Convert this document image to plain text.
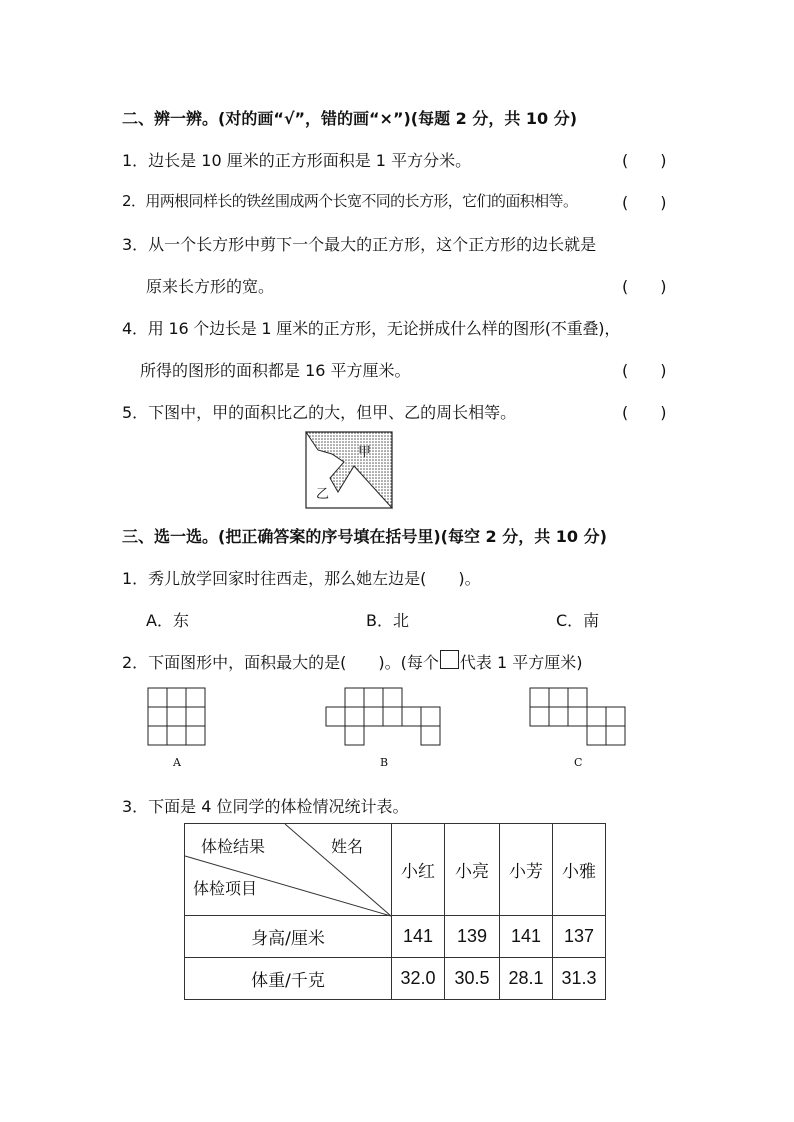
二、辨一辨。(对的画“√”，错的画“×”)(每题 2 分，共 10 分)
1．边长是 10 厘米的正方形面积是 1 平方分米。	(　　)
2．用两根同样长的铁丝围成两个长宽不同的长方形，它们的面积相等。	(　　)
3．从一个长方形中剪下一个最大的正方形，这个正方形的边长就是
原来长方形的宽。	(　　)
4．用 16 个边长是 1 厘米的正方形，无论拼成什么样的图形(不重叠)，
所得的图形的面积都是 16 平方厘米。	(　　)
5．下图中，甲的面积比乙的大，但甲、乙的周长相等。	(　　)
甲
乙
三、选一选。(把正确答案的序号填在括号里)(每空 2 分，共 10 分)
1．秀儿放学回家时往西走，那么她左边是(　　)。
A．东	B．北	C．南
2．下面图形中，面积最大的是(　　)。(每个 代表 1 平方厘米)
A	B	C
3．下面是 4 位同学的体检情况统计表。
体检结果 姓名
体检项目	小红	小亮	小芳	小雅
身高/厘米	141	139	141	137
体重/千克	32.0	30.5	28.1	31.3
